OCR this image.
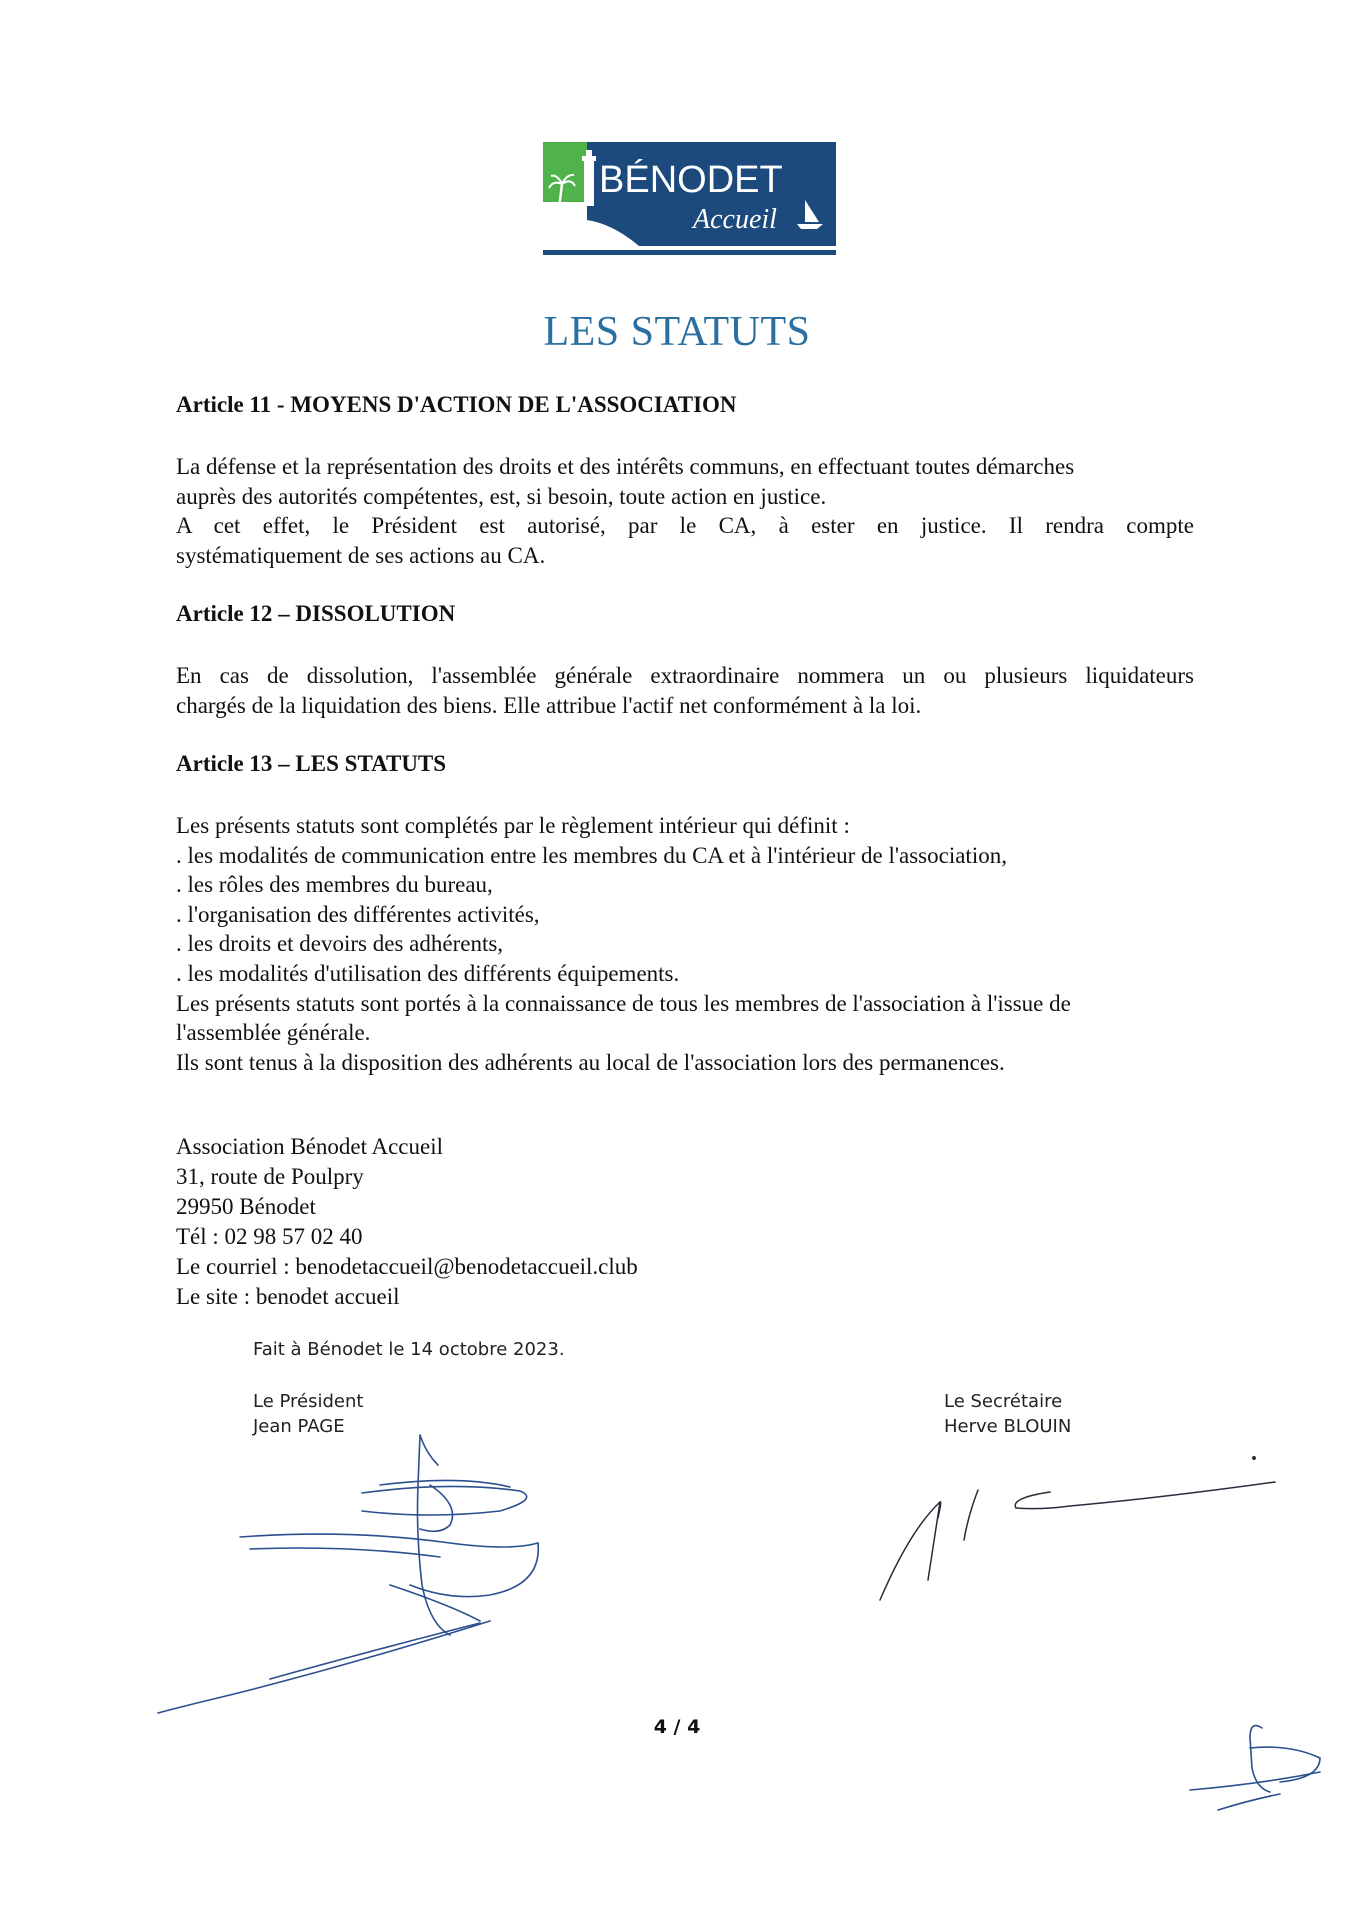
BÉNODET
Accueil
LES STATUTS
Article 11 - MOYENS D'ACTION DE L'ASSOCIATION
La défense et la représentation des droits et des intérêts communs, en effectuant toutes démarches
auprès des autorités compétentes, est, si besoin, toute action en justice.
A cet effet, le Président est autorisé, par le CA, à ester en justice. Il rendra compte
systématiquement de ses actions au CA.
Article 12 – DISSOLUTION
En cas de dissolution, l'assemblée générale extraordinaire nommera un ou plusieurs liquidateurs
chargés de la liquidation des biens. Elle attribue l'actif net conformément à la loi.
Article 13 – LES STATUTS
Les présents statuts sont complétés par le règlement intérieur qui définit :
. les modalités de communication entre les membres du CA et à l'intérieur de l'association,
. les rôles des membres du bureau,
. l'organisation des différentes activités,
. les droits et devoirs des adhérents,
. les modalités d'utilisation des différents équipements.
Les présents statuts sont portés à la connaissance de tous les membres de l'association à l'issue de
l'assemblée générale.
Ils sont tenus à la disposition des adhérents au local de l'association lors des permanences.
Association Bénodet Accueil
31, route de Poulpry
29950 Bénodet
Tél : 02 98 57 02 40
Le courriel : benodetaccueil@benodetaccueil.club
Le site : benodet accueil
Fait à Bénodet le 14 octobre 2023.
Le Président
Jean PAGE
Le Secrétaire
Herve BLOUIN
4 / 4
